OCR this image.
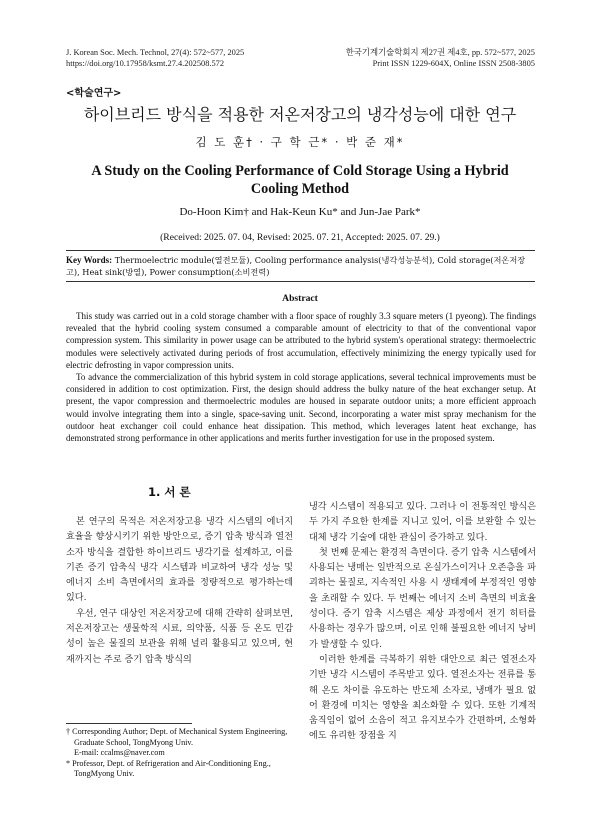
J. Korean Soc. Mech. Technol, 27(4): 572~577, 2025
https://doi.org/10.17958/ksmt.27.4.202508.572
한국기계기술학회지 제27권 제4호, pp. 572~577, 2025
Print ISSN 1229-604X, Online ISSN 2508-3805
<학술연구>
하이브리드 방식을 적용한 저온저장고의 냉각성능에 대한 연구
김 도 훈† · 구 학 근* · 박 준 재*
A Study on the Cooling Performance of Cold Storage Using a Hybrid Cooling Method
Do-Hoon Kim† and Hak-Keun Ku* and Jun-Jae Park*
(Received: 2025. 07. 04, Revised: 2025. 07. 21, Accepted: 2025. 07. 29.)
Key Words: Thermoelectric module(열전모듈), Cooling performance analysis(냉각성능분석), Cold storage(저온저장고), Heat sink(방열), Power consumption(소비전력)
Abstract

This study was carried out in a cold storage chamber with a floor space of roughly 3.3 square meters (1 pyeong). The findings revealed that the hybrid cooling system consumed a comparable amount of electricity to that of the conventional vapor compression system. This similarity in power usage can be attributed to the hybrid system's operational strategy: thermoelectric modules were selectively activated during periods of frost accumulation, effectively minimizing the energy typically used for electric defrosting in vapor compression units.

To advance the commercialization of this hybrid system in cold storage applications, several technical improvements must be considered in addition to cost optimization. First, the design should address the bulky nature of the heat exchanger setup. At present, the vapor compression and thermoelectric modules are housed in separate outdoor units; a more efficient approach would involve integrating them into a single, space-saving unit. Second, incorporating a water mist spray mechanism for the outdoor heat exchanger coil could enhance heat dissipation. This method, which leverages latent heat exchange, has demonstrated strong performance in other applications and merits further investigation for use in the proposed system.

1. 서 론

본 연구의 목적은 저온저장고용 냉각 시스템의 에너지 효율을 향상시키기 위한 방안으로, 증기 압축 방식과 열전소자 방식을 결합한 하이브리드 냉각기를 설계하고, 이를 기존 증기 압축식 냉각 시스템과 비교하여 냉각 성능 및 에너지 소비 측면에서의 효과를 정량적으로 평가하는데 있다.

우선, 연구 대상인 저온저장고에 대해 간략히 살펴보면, 저온저장고는 생물학적 시료, 의약품, 식품 등 온도 민감성이 높은 물질의 보관을 위해 널리 활용되고 있으며, 현재까지는 주로 증기 압축 방식의

† Corresponding Author; Dept. of Mechanical System Engineering, Graduate School, TongMyong Univ.
E-mail: ccalms@naver.com
* Professor, Dept. of Refrigeration and Air-Conditioning Eng., TongMyong Univ.

냉각 시스템이 적용되고 있다. 그러나 이 전통적인 방식은 두 가지 주요한 한계를 지니고 있어, 이를 보완할 수 있는 대체 냉각 기술에 대한 관심이 증가하고 있다.

첫 번째 문제는 환경적 측면이다. 증기 압축 시스템에서 사용되는 냉매는 일반적으로 온실가스이거나 오존층을 파괴하는 물질로, 지속적인 사용 시 생태계에 부정적인 영향을 초래할 수 있다. 두 번째는 에너지 소비 측면의 비효율성이다. 증기 압축 시스템은 제상 과정에서 전기 히터를 사용하는 경우가 많으며, 이로 인해 불필요한 에너지 낭비가 발생할 수 있다.

이러한 한계를 극복하기 위한 대안으로 최근 열전소자 기반 냉각 시스템이 주목받고 있다. 열전소자는 전류를 통해 온도 차이를 유도하는 반도체 소자로, 냉매가 필요 없어 환경에 미치는 영향을 최소화할 수 있다. 또한 기계적 움직임이 없어 소음이 적고 유지보수가 간편하며, 소형화에도 유리한 장점을 지
